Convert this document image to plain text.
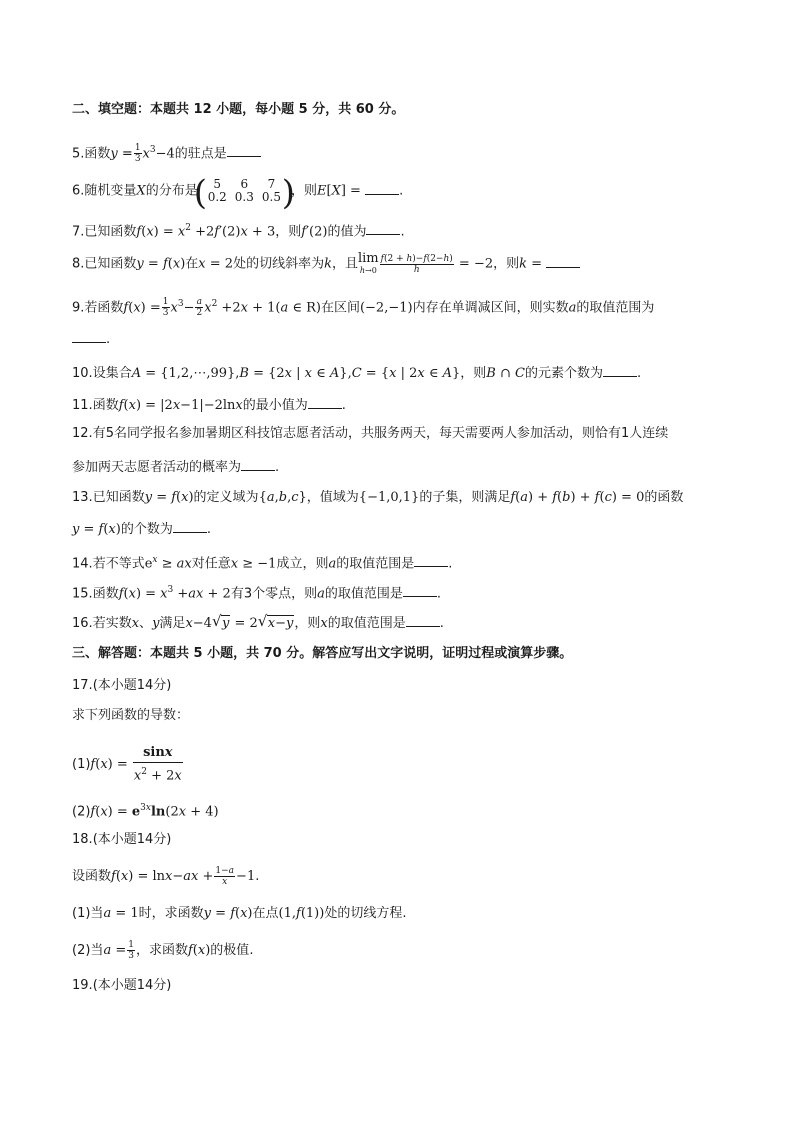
二、填空题：本题共 12 小题，每小题 5 分，共 60 分。
5.函数$y = \frac{1}{3} x^3-4$的驻点是
6.随机变量X的分布是
( 5	6	7
0.2	0.3	0.5 )
，则E[X] =	.
7.已知函数$f(x) = x^2 +2f'(2)x + 3$，则f′(2)的值为	.
8.已知函数y = f(x)在x = 2处的切线斜率为k，且 lim
$h\to 0 \frac{f(2 + h)-f(2-h)}{h} = -2$，则k =
9.若函数$f(x) = \frac{1}{3} x^3- \frac{a}{2} x^2 +2x + 1(a$ ∈ R)在区间(−2,−1)内存在单调减区间，则实数a的取值范围为
.
10.设集合A = {1,2,⋯,99},B = {2x | x ∈ A},C = {x | 2x ∈ A}，则B ∩ C的元素个数为	.
11.函数f(x) = |2x−1|−2lnx的最小值为	.
12.有5名同学报名参加暑期区科技馆志愿者活动，共服务两天，每天需要两人参加活动，则恰有1人连续
参加两天志愿者活动的概率为	.
13.已知函数y = f(x)的定义域为{a,b,c}，值域为{−1,0,1}的子集，则满足f(a) + f(b) + f(c) = 0的函数
y = f(x)的个数为	.
14.若不等式$e^x$ ≥ ax对任意x ≥ −1成立，则a的取值范围是	.
15.函数$f(x) = x^3 +ax + 2$有3个零点，则a的取值范围是	.
16.若实数x、y满足x−4 √ y = 2 √ x−y，则x的取值范围是	.
三、解答题：本题共 5 小题，共 70 分。解答应写出文字说明，证明过程或演算步骤。
17.(本小题14分)
求下列函数的导数：
$(1)f(x) = \frac{\sin x}{x^2 + 2x}$
$(2)f(x) = e^{3x}\ln(2x + 4)$
18.(本小题14分)
设函数$f(x) = \ln x-ax + \frac{1-a}{x} -1$.
(1)当a = 1时，求函数y = f(x)在点(1,f(1))处的切线方程.
(2)当$a = \frac{1}{3}$ ，求函数f(x)的极值.
19.(本小题14分)
